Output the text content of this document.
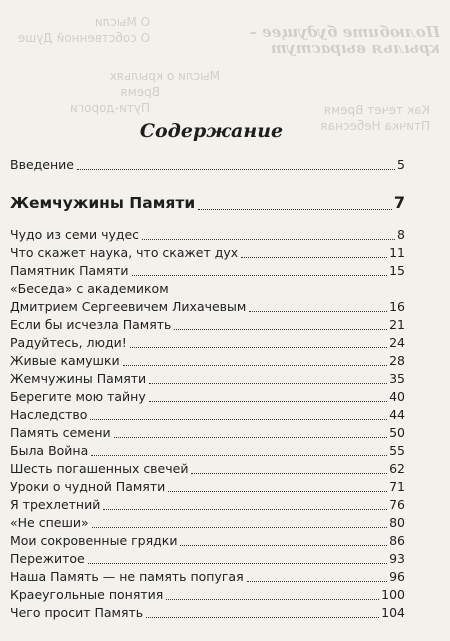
О Мысли
О собственной Душе	Полюбите будущее –
крылья вырастут
Мысли о крыльях
Время
Пути-дороги	Как течет Время
Птичка Небесная
Содержание
Введение	5
Жемчужины Памяти	7
Чудо из семи чудес	8
Что скажет наука, что скажет дух	11
Памятник Памяти	15
«Беседа» с академиком
Дмитрием Сергеевичем Лихачевым	16
Если бы исчезла Память	21
Радуйтесь, люди!	24
Живые камушки	28
Жемчужины Памяти	35
Берегите мою тайну	40
Наследство	44
Память семени	50
Была Война	55
Шесть погашенных свечей	62
Уроки о чудной Памяти	71
Я трехлетний	76
«Не спеши»	80
Мои сокровенные грядки	86
Пережитое	93
Наша Память — не память попугая	96
Краеугольные понятия	100
Чего просит Память	104
